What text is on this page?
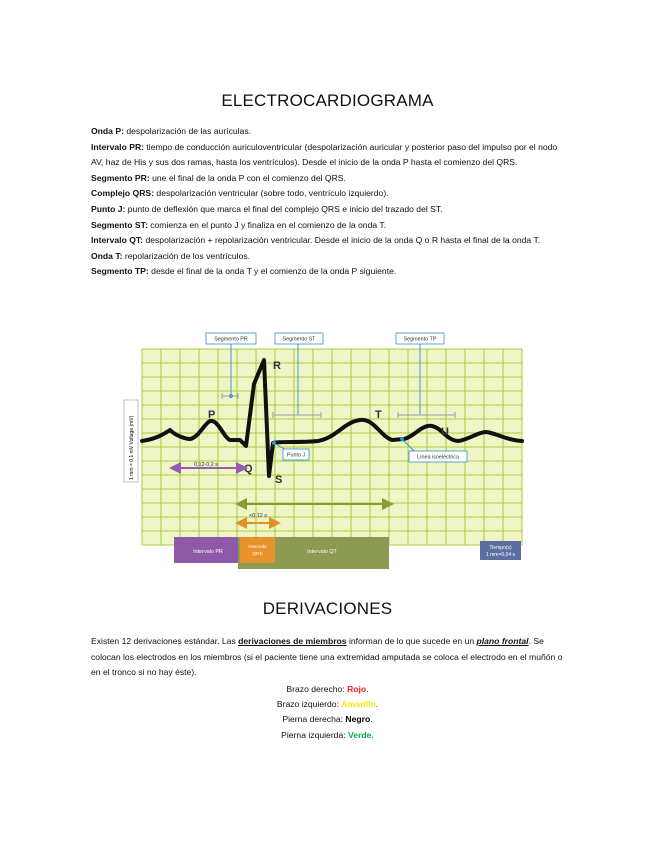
ELECTROCARDIOGRAMA

Onda P: despolarización de las aurículas.

Intervalo PR: tiempo de conducción auriculoventricular (despolarización auricular y posterior paso del impulso por el nodo AV, haz de His y sus dos ramas, hasta los ventrículos). Desde el inicio de la onda P hasta el comienzo del QRS.

Segmento PR: une el final de la onda P con el comienzo del QRS.

Complejo QRS: despolarización ventricular (sobre todo, ventrículo izquierdo).

Punto J: punto de deflexión que marca el final del complejo QRS e inicio del trazado del ST.

Segmento ST: comienza en el punto J y finaliza en el comienzo de la onda T.

Intervalo QT: despolarización + repolarización ventricular. Desde el inicio de la onda Q o R hasta el final de la onda T.

Onda T: repolarización de los ventrículos.

Segmento TP: desde el final de la onda T y el comienzo de la onda P siguiente.

1 mm = 0,1 mV Voltage (mV)
Segmento PR	Segmento ST	Segmento TP
Punto J	Línea isoeléctrica
P
R
Q
S
T
U
0,12-0,2 s
<0,12 s
Intervalo PR	Intervalo QT
Intervalo
QRS
Tiempo(s)
1 mm=0,04 s
DERIVACIONES

Existen 12 derivaciones estándar. Las derivaciones de miembros informan de lo que sucede en un plano frontal. Se colocan los electrodos en los miembros (si el paciente tiene una extremidad amputada se coloca el electrodo en el muñón o en el tronco si no hay éste).

Brazo derecho: Rojo.
Brazo izquierdo: Amarillo.
Pierna derecha: Negro.
Pierna izquierda: Verde.
